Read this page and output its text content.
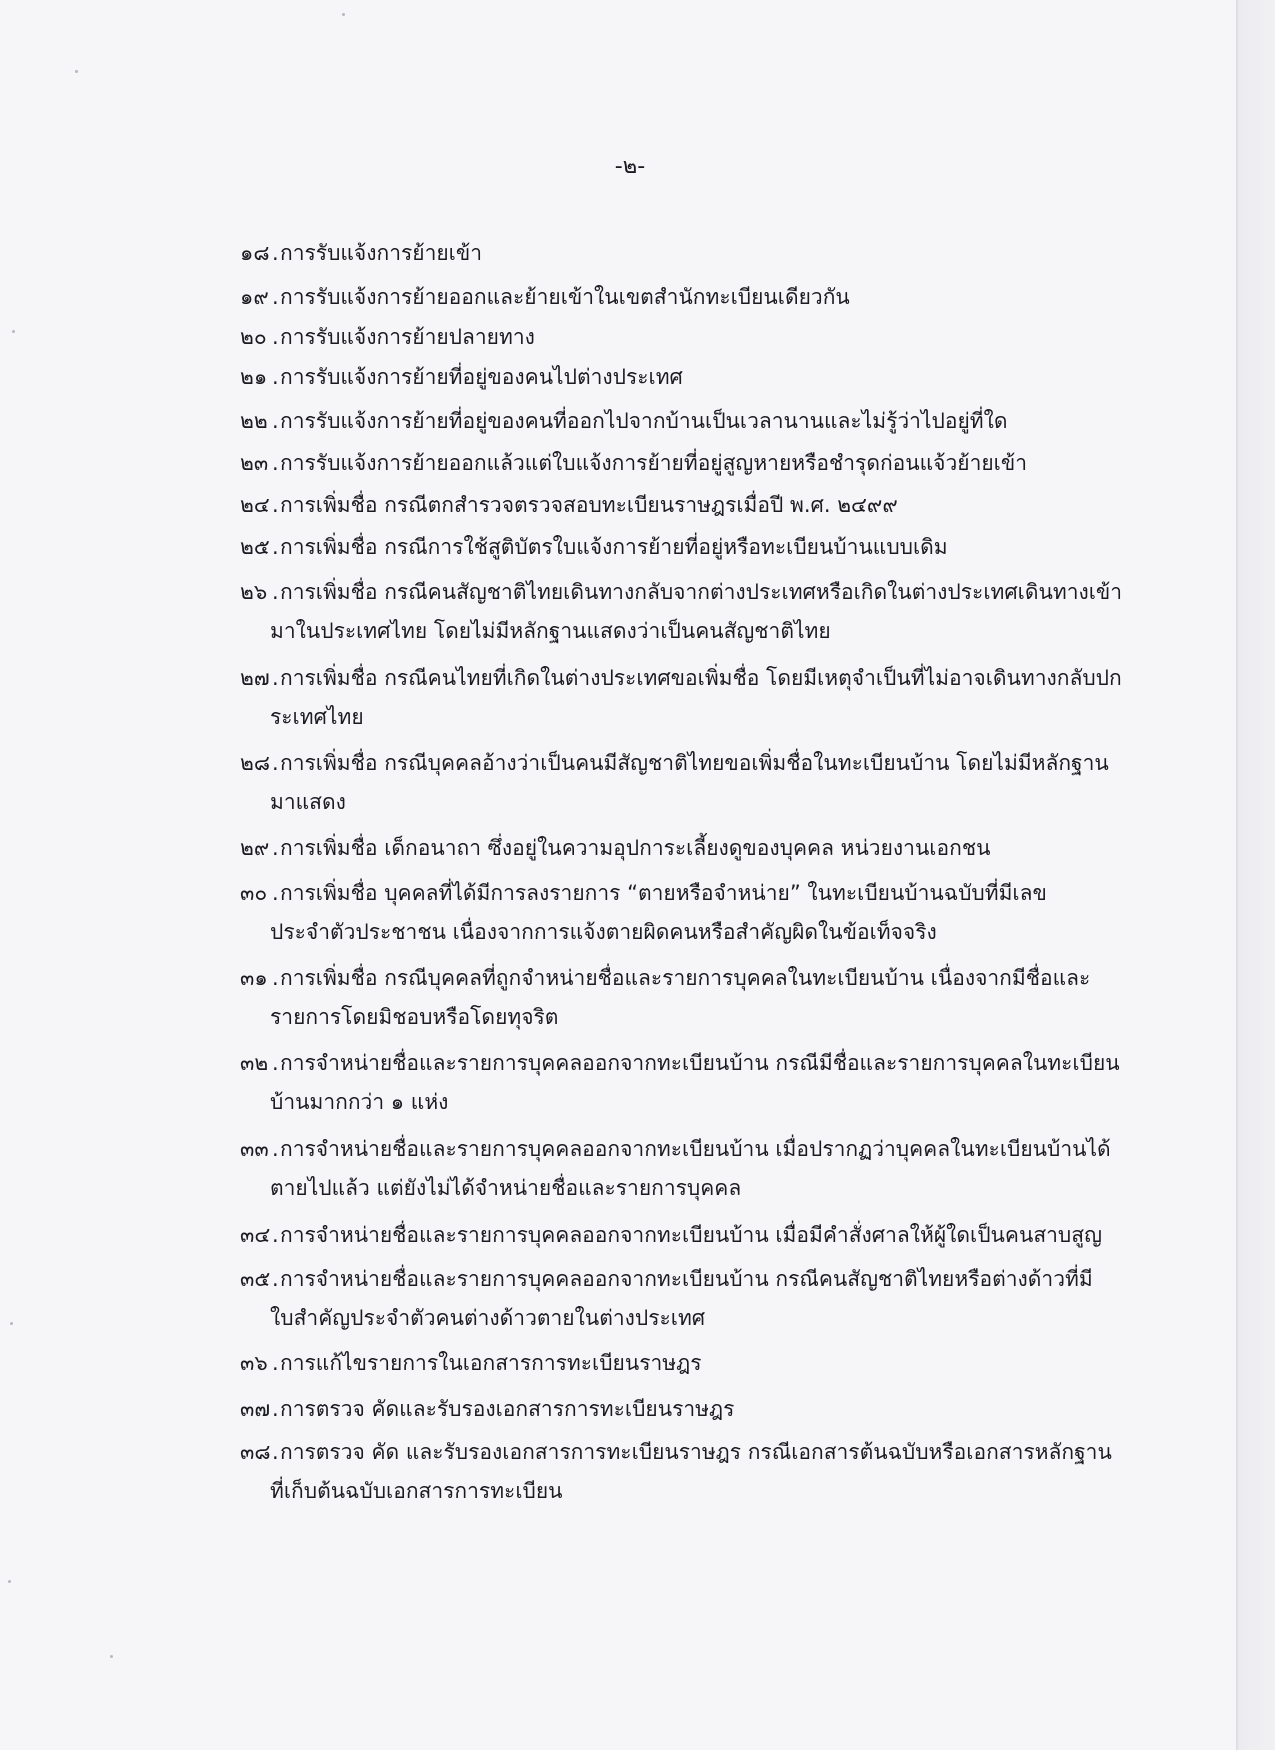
-๒-
๑๘ .การรับแจ้งการย้ายเข้า
๑๙ .การรับแจ้งการย้ายออกและย้ายเข้าในเขตสำนักทะเบียนเดียวกัน
๒๐ .การรับแจ้งการย้ายปลายทาง
๒๑ .การรับแจ้งการย้ายที่อยู่ของคนไปต่างประเทศ
๒๒ .การรับแจ้งการย้ายที่อยู่ของคนที่ออกไปจากบ้านเป็นเวลานานและไม่รู้ว่าไปอยู่ที่ใด
๒๓ .การรับแจ้งการย้ายออกแล้วแต่ใบแจ้งการย้ายที่อยู่สูญหายหรือชำรุดก่อนแจ้วย้ายเข้า
๒๔ .การเพิ่มชื่อ กรณีตกสำรวจตรวจสอบทะเบียนราษฎรเมื่อปี พ.ศ. ๒๔๙๙
๒๕ .การเพิ่มชื่อ กรณีการใช้สูติบัตรใบแจ้งการย้ายที่อยู่หรือทะเบียนบ้านแบบเดิม
๒๖ .การเพิ่มชื่อ กรณีคนสัญชาติไทยเดินทางกลับจากต่างประเทศหรือเกิดในต่างประเทศเดินทางเข้า
มาในประเทศไทย โดยไม่มีหลักฐานแสดงว่าเป็นคนสัญชาติไทย
๒๗ .การเพิ่มชื่อ กรณีคนไทยที่เกิดในต่างประเทศขอเพิ่มชื่อ โดยมีเหตุจำเป็นที่ไม่อาจเดินทางกลับปก
ระเทศไทย
๒๘.การเพิ่มชื่อ กรณีบุคคลอ้างว่าเป็นคนมีสัญชาติไทยขอเพิ่มชื่อในทะเบียนบ้าน โดยไม่มีหลักฐาน
มาแสดง
๒๙ .การเพิ่มชื่อ เด็กอนาถา ซึ่งอยู่ในความอุปการะเลี้ยงดูของบุคคล หน่วยงานเอกชน
๓๐ .การเพิ่มชื่อ บุคคลที่ได้มีการลงรายการ “ตายหรือจำหน่าย” ในทะเบียนบ้านฉบับที่มีเลข
ประจำตัวประชาชน เนื่องจากการแจ้งตายผิดคนหรือสำคัญผิดในข้อเท็จจริง
๓๑ .การเพิ่มชื่อ กรณีบุคคลที่ถูกจำหน่ายชื่อและรายการบุคคลในทะเบียนบ้าน เนื่องจากมีชื่อและ
รายการโดยมิชอบหรือโดยทุจริต
๓๒ .การจำหน่ายชื่อและรายการบุคคลออกจากทะเบียนบ้าน กรณีมีชื่อและรายการบุคคลในทะเบียน
บ้านมากกว่า ๑ แห่ง
๓๓ .การจำหน่ายชื่อและรายการบุคคลออกจากทะเบียนบ้าน เมื่อปรากฏว่าบุคคลในทะเบียนบ้านได้
ตายไปแล้ว แต่ยังไม่ได้จำหน่ายชื่อและรายการบุคคล
๓๔.การจำหน่ายชื่อและรายการบุคคลออกจากทะเบียนบ้าน เมื่อมีคำสั่งศาลให้ผู้ใดเป็นคนสาบสูญ
๓๕.การจำหน่ายชื่อและรายการบุคคลออกจากทะเบียนบ้าน กรณีคนสัญชาติไทยหรือต่างด้าวที่มี
ใบสำคัญประจำตัวคนต่างด้าวตายในต่างประเทศ
๓๖ .การแก้ไขรายการในเอกสารการทะเบียนราษฎร
๓๗.การตรวจ คัดและรับรองเอกสารการทะเบียนราษฎร
๓๘.การตรวจ คัด และรับรองเอกสารการทะเบียนราษฎร กรณีเอกสารต้นฉบับหรือเอกสารหลักฐาน
ที่เก็บต้นฉบับเอกสารการทะเบียน
